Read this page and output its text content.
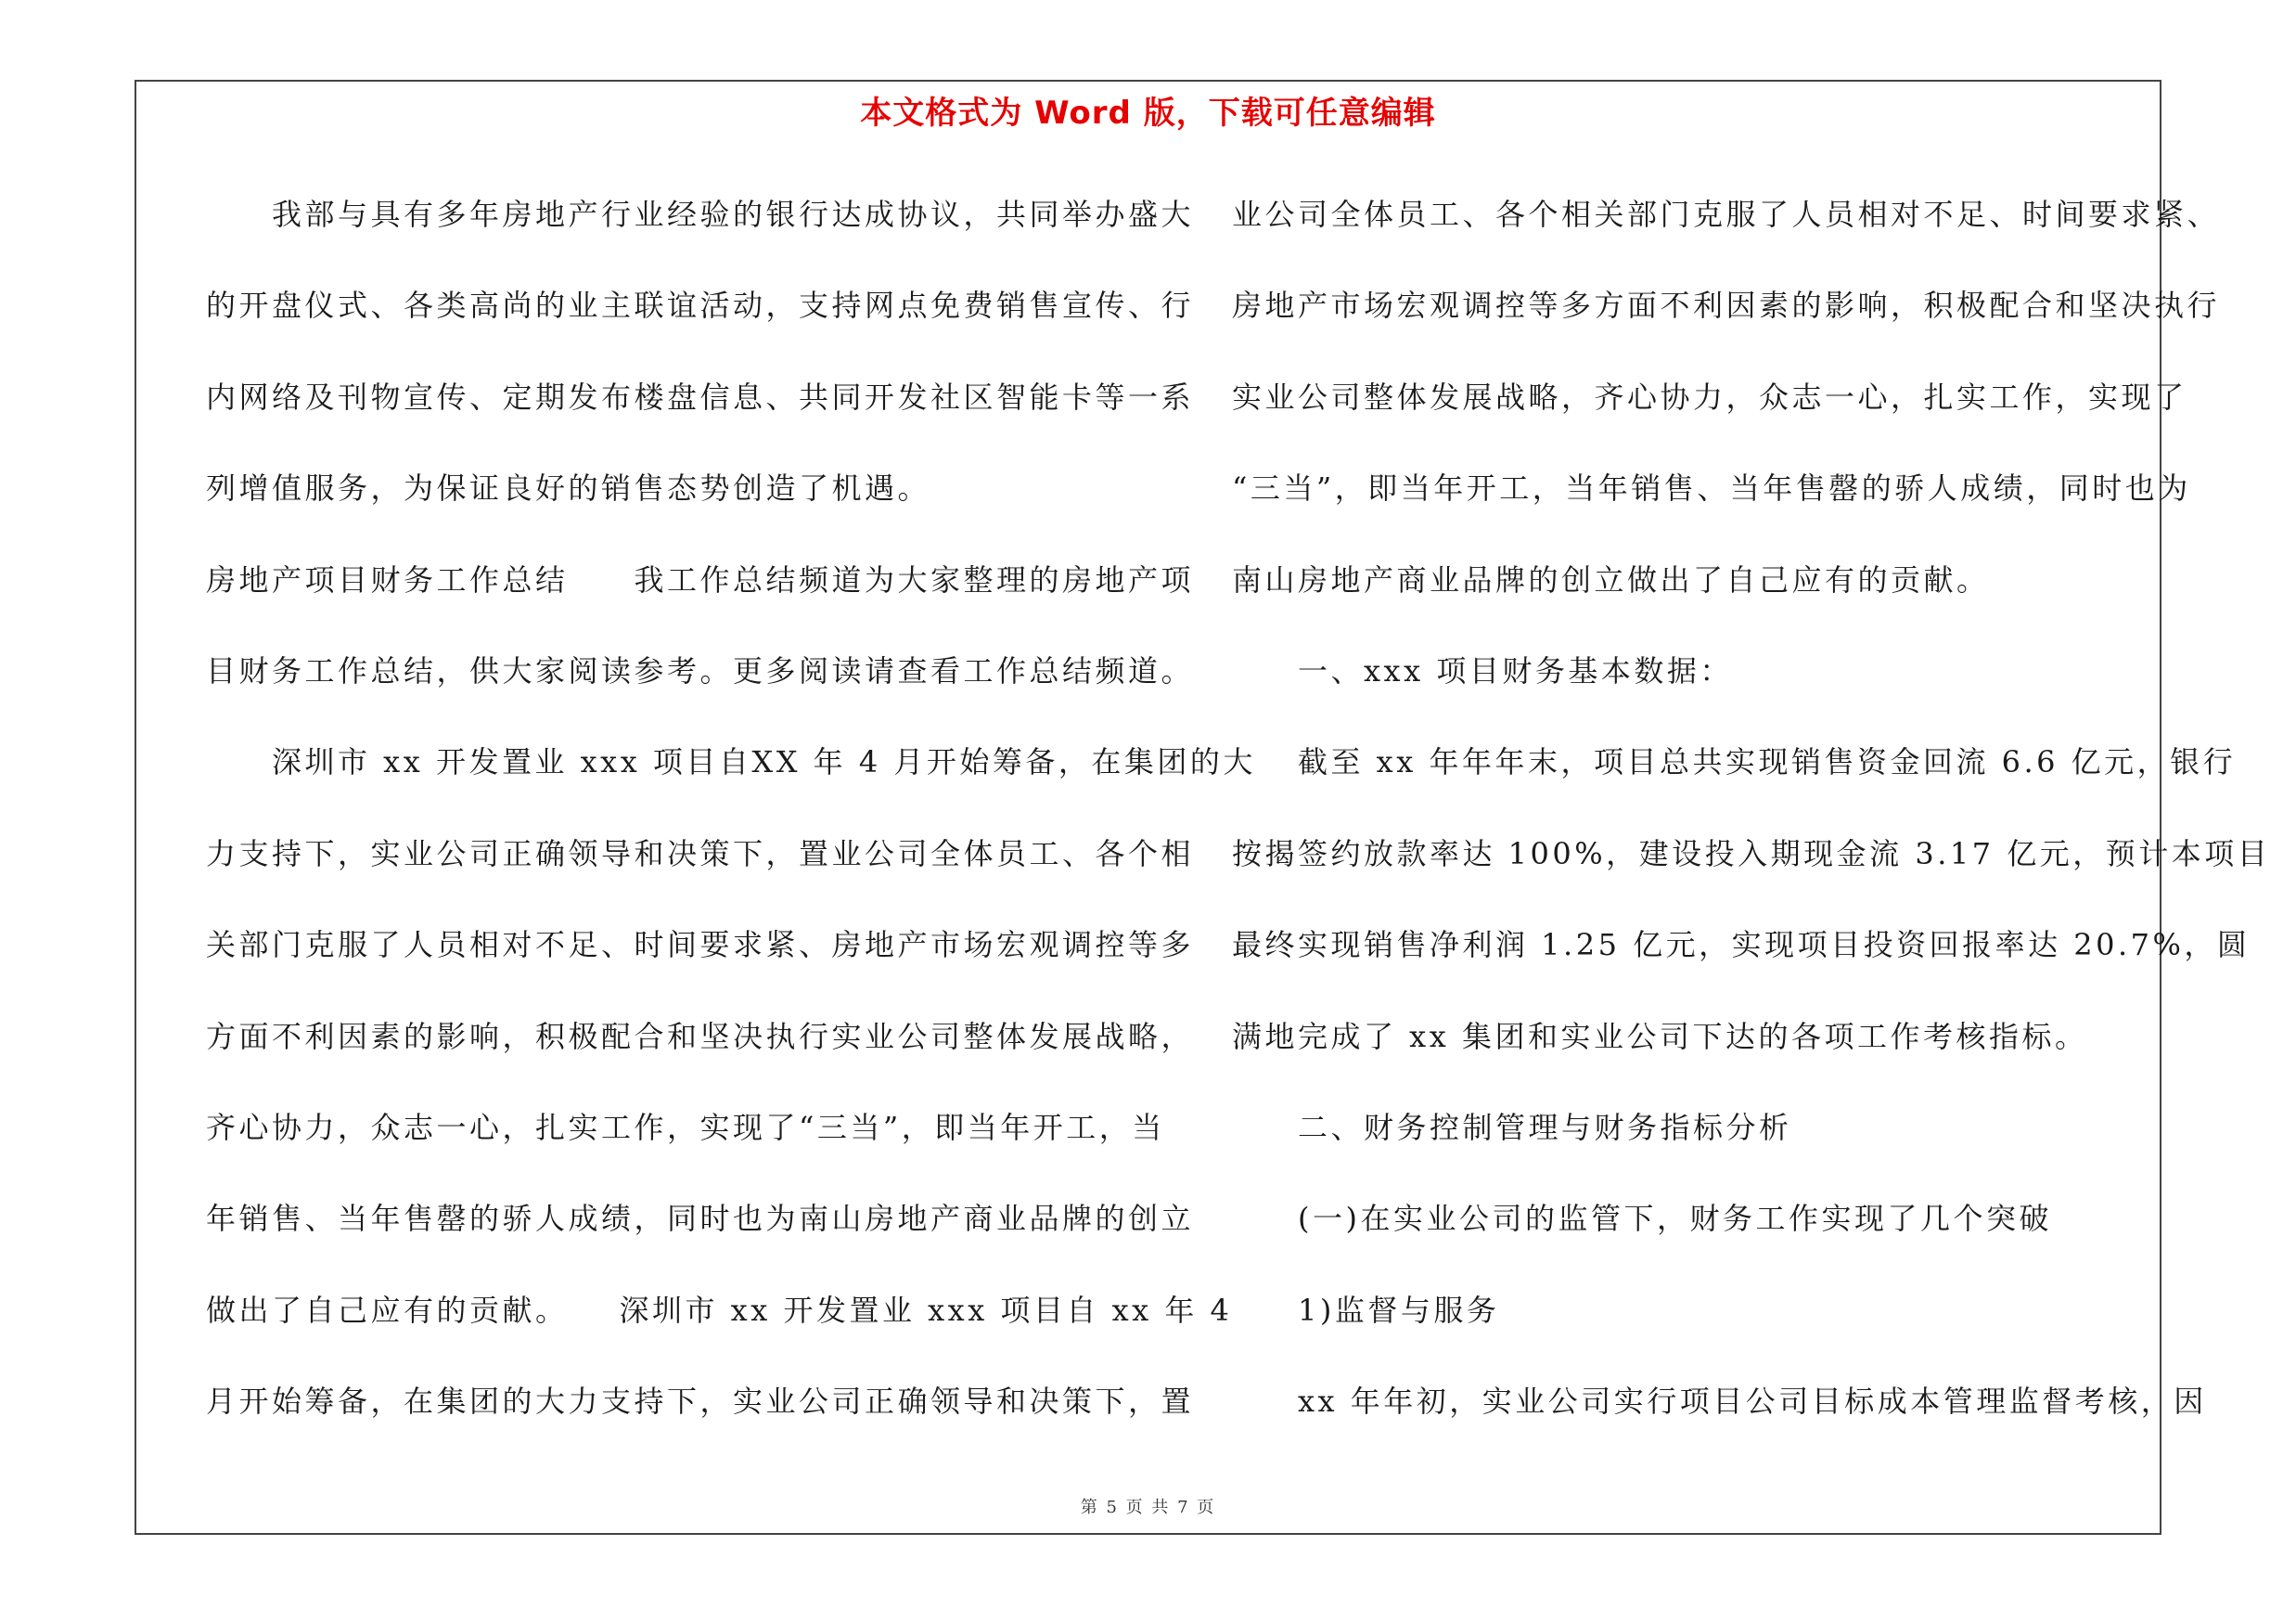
本文格式为 Word 版，下载可任意编辑
　　我部与具有多年房地产行业经验的银行达成协议，共同举办盛大
的开盘仪式、各类高尚的业主联谊活动，支持网点免费销售宣传、行
内网络及刊物宣传、定期发布楼盘信息、共同开发社区智能卡等一系
列增值服务，为保证良好的销售态势创造了机遇。
房地产项目财务工作总结　　我工作总结频道为大家整理的房地产项
目财务工作总结，供大家阅读参考。更多阅读请查看工作总结频道。
　　深圳市 xx 开发置业 xxx 项目自XX 年 4 月开始筹备，在集团的大
力支持下，实业公司正确领导和决策下，置业公司全体员工、各个相
关部门克服了人员相对不足、时间要求紧、房地产市场宏观调控等多
方面不利因素的影响，积极配合和坚决执行实业公司整体发展战略，
齐心协力，众志一心，扎实工作，实现了“三当”，即当年开工，当
年销售、当年售罄的骄人成绩，同时也为南山房地产商业品牌的创立
做出了自己应有的贡献。　　深圳市 xx 开发置业 xxx 项目自 xx 年 4
月开始筹备，在集团的大力支持下，实业公司正确领导和决策下，置
业公司全体员工、各个相关部门克服了人员相对不足、时间要求紧、
房地产市场宏观调控等多方面不利因素的影响，积极配合和坚决执行
实业公司整体发展战略，齐心协力，众志一心，扎实工作，实现了
“三当”，即当年开工，当年销售、当年售罄的骄人成绩，同时也为
南山房地产商业品牌的创立做出了自己应有的贡献。
　　一、xxx 项目财务基本数据：
　　截至 xx 年年年末，项目总共实现销售资金回流 6.6 亿元，银行
按揭签约放款率达 100%，建设投入期现金流 3.17 亿元，预计本项目
最终实现销售净利润 1.25 亿元，实现项目投资回报率达 20.7%，圆
满地完成了 xx 集团和实业公司下达的各项工作考核指标。
　　二、财务控制管理与财务指标分析
　　(一)在实业公司的监管下，财务工作实现了几个突破
　　1)监督与服务
　　xx 年年初，实业公司实行项目公司目标成本管理监督考核，因
第 5 页 共 7 页
